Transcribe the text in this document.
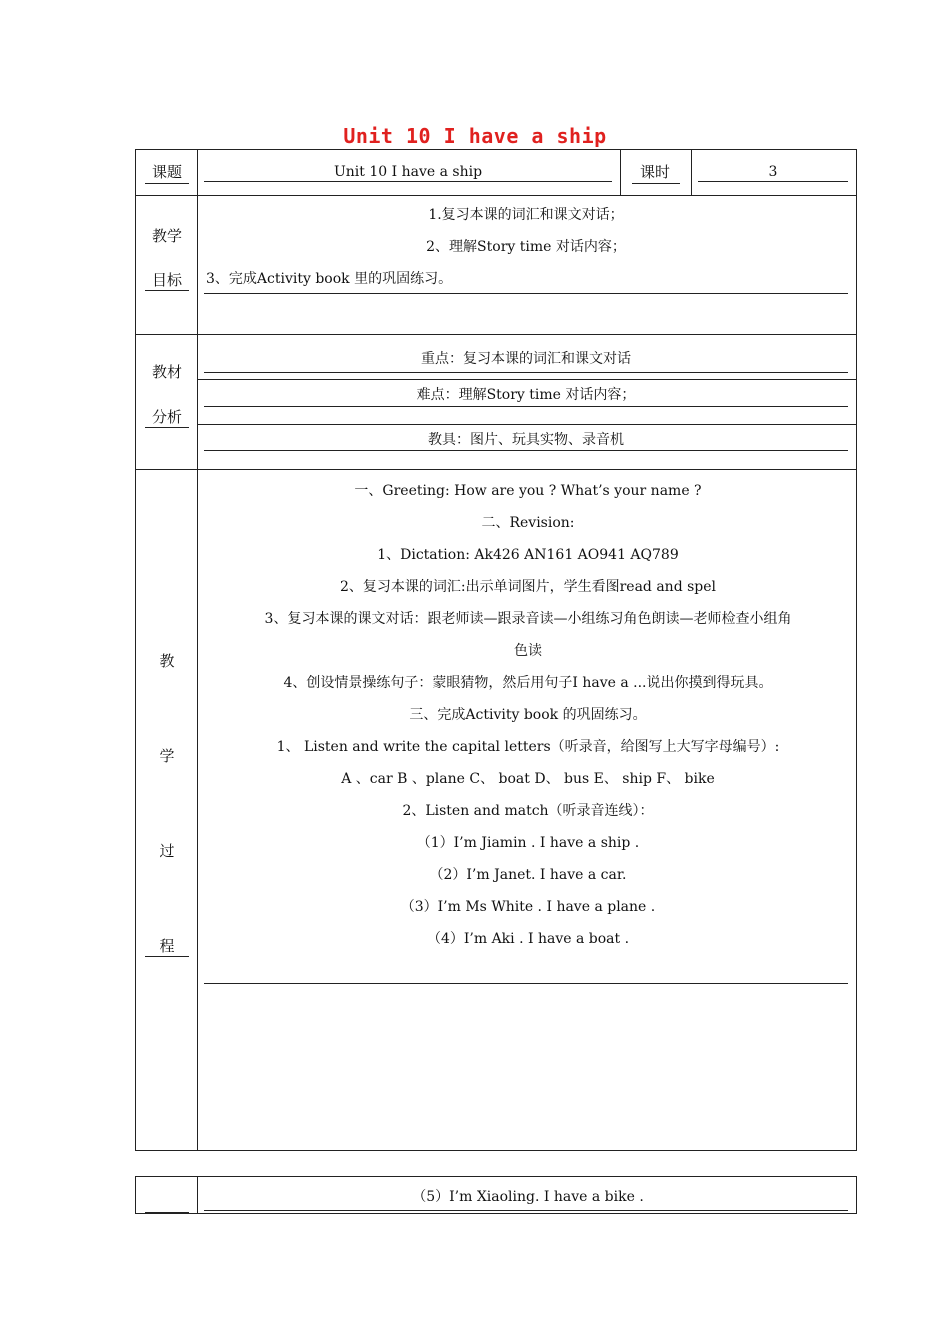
Unit 10 I have a ship
课题	Unit 10 I have a ship	课时	3
教学
目标
1.复习本课的词汇和课文对话；
2、理解Story time 对话内容；
3、完成Activity book 里的巩固练习。
教材
分析
重点：复习本课的词汇和课文对话
难点：理解Story time 对话内容；
教具：图片、玩具实物、录音机
教
学
过
程
一、Greeting: How are you ? What’s your name ?
二、Revision:
1、Dictation: Ak426 AN161 AO941 AQ789
2、复习本课的词汇:出示单词图片，学生看图read and spel
3、复习本课的课文对话：跟老师读—跟录音读—小组练习角色朗读—老师检查小组角
色读
4、创设情景操练句子：蒙眼猜物，然后用句子I have a ...说出你摸到得玩具。
三、完成Activity book 的巩固练习。
1、 Listen and write the capital letters（听录音，给图写上大写字母编号）:
A 、car B 、plane C、 boat D、 bus E、 ship F、 bike
2、Listen and match（听录音连线）：
（1）I’m Jiamin . I have a ship .
（2）I’m Janet. I have a car.
（3）I’m Ms White . I have a plane .
（4）I’m Aki . I have a boat .
（5）I’m Xiaoling. I have a bike .
